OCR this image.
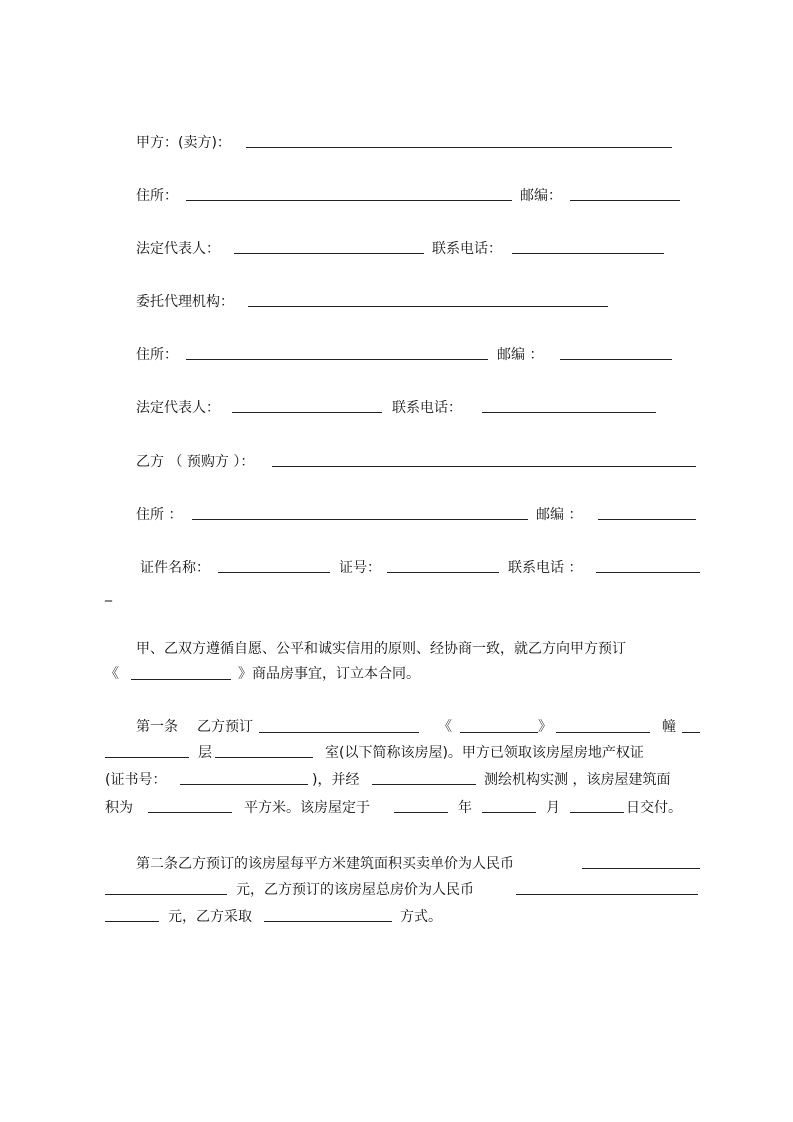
甲方：(卖方)：
住所：	邮编：
法定代表人：	联系电话：
委托代理机构：
住所：	邮编 ：
法定代表人：	联系电话：
乙方 （ 预购方 ）：
住所 ：	邮编 ：
证件名称：	证号：	联系电话 ：
_
甲、乙双方遵循自愿、公平和诚实信用的原则、经协商一致，就乙方向甲方预订
《	》商品房事宜，订立本合同。
第一条 乙方预订	《	》	幢
层	室(以下简称该房屋)。甲方已领取该房屋房地产权证
(证书号：	)，并经	测绘机构实测 ，该房屋建筑面
积为	平方米。该房屋定于	年	月	日交付。
第二条乙方预订的该房屋每平方米建筑面积买卖单价为人民币
元，乙方预订的该房屋总房价为人民币
元，乙方采取	方式。
